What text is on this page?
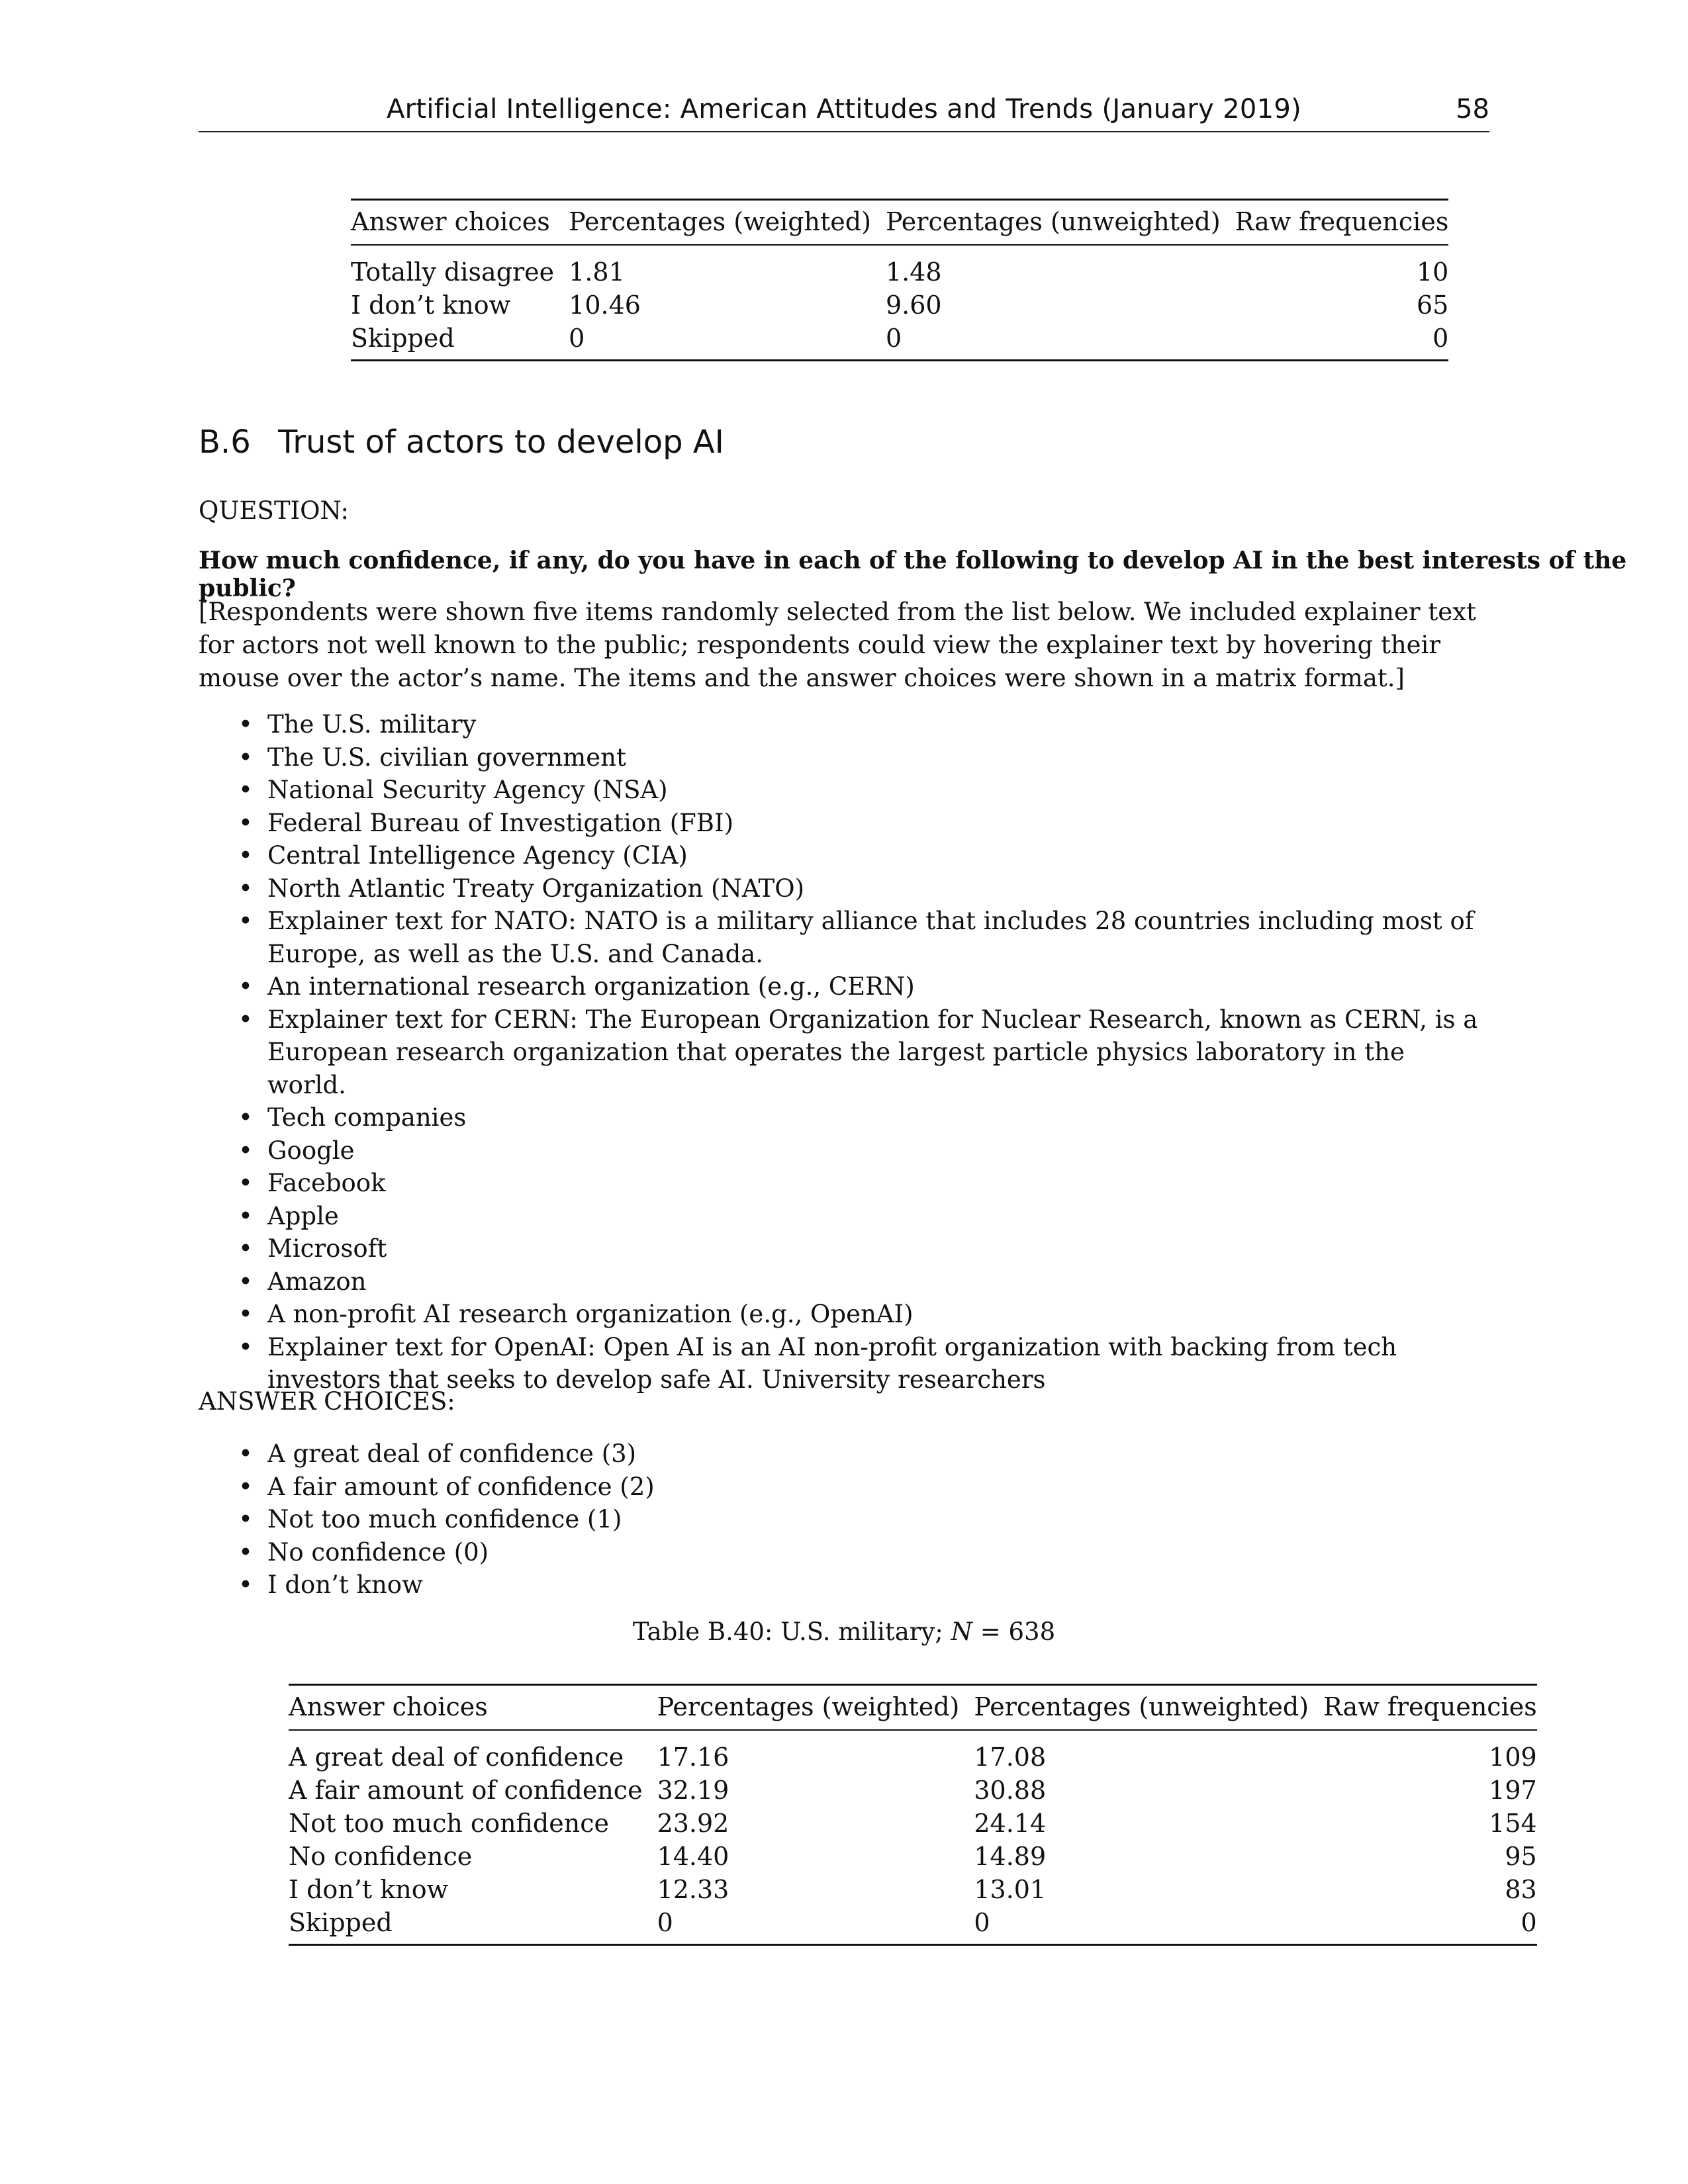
Artificial Intelligence: American Attitudes and Trends (January 2019)	58
Answer choices	Percentages (weighted)	Percentages (unweighted)	Raw frequencies
Totally disagree	1.81	1.48	10
I don’t know	10.46	9.60	65
Skipped	0	0	0
B.6 Trust of actors to develop AI
QUESTION:
How much confidence, if any, do you have in each of the following to develop AI in the best interests of the public?

[Respondents were shown five items randomly selected from the list below. We included explainer text for actors not well known to the public; respondents could view the explainer text by hovering their mouse over the actor’s name. The items and the answer choices were shown in a matrix format.]

• The U.S. military
• The U.S. civilian government
• National Security Agency (NSA)
• Federal Bureau of Investigation (FBI)
• Central Intelligence Agency (CIA)
• North Atlantic Treaty Organization (NATO)
• Explainer text for NATO: NATO is a military alliance that includes 28 countries including most of Europe, as well as the U.S. and Canada.
• An international research organization (e.g., CERN)
• Explainer text for CERN: The European Organization for Nuclear Research, known as CERN, is a European research organization that operates the largest particle physics laboratory in the world.
• Tech companies
• Google
• Facebook
• Apple
• Microsoft
• Amazon
• A non-profit AI research organization (e.g., OpenAI)
• Explainer text for OpenAI: Open AI is an AI non-profit organization with backing from tech investors that seeks to develop safe AI. University researchers
ANSWER CHOICES:
• A great deal of confidence (3)
• A fair amount of confidence (2)
• Not too much confidence (1)
• No confidence (0)
• I don’t know
Table B.40: U.S. military; N = 638
Answer choices	Percentages (weighted)	Percentages (unweighted)	Raw frequencies
A great deal of confidence	17.16	17.08	109
A fair amount of confidence	32.19	30.88	197
Not too much confidence	23.92	24.14	154
No confidence	14.40	14.89	95
I don’t know	12.33	13.01	83
Skipped	0	0	0
